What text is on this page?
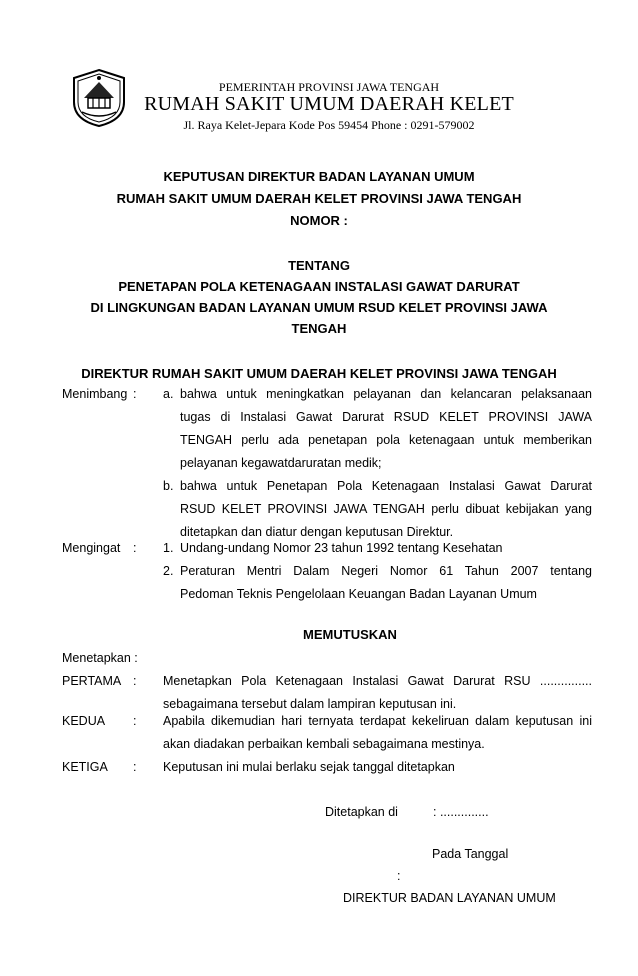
PEMERINTAH PROVINSI JAWA TENGAH
RUMAH SAKIT UMUM DAERAH KELET
Jl. Raya Kelet-Jepara Kode Pos 59454 Phone : 0291-579002
KEPUTUSAN DIREKTUR BADAN LAYANAN UMUM
RUMAH SAKIT UMUM DAERAH KELET PROVINSI JAWA TENGAH
NOMOR :
TENTANG
PENETAPAN POLA KETENAGAAN INSTALASI GAWAT DARURAT
DI LINGKUNGAN BADAN LAYANAN UMUM RSUD KELET PROVINSI JAWA
TENGAH
DIREKTUR RUMAH SAKIT UMUM DAERAH KELET PROVINSI JAWA TENGAH
Menimbang : a. bahwa untuk meningkatkan pelayanan dan kelancaran pelaksanaan
tugas di Instalasi Gawat Darurat RSUD KELET PROVINSI JAWA
TENGAH perlu ada penetapan pola ketenagaan untuk memberikan
pelayanan kegawatdaruratan medik;
b. bahwa untuk Penetapan Pola Ketenagaan Instalasi Gawat Darurat
RSUD KELET PROVINSI JAWA TENGAH perlu dibuat kebijakan yang
ditetapkan dan diatur dengan keputusan Direktur.
Mengingat : 1. Undang-undang Nomor 23 tahun 1992 tentang Kesehatan
2. Peraturan Mentri Dalam Negeri Nomor 61 Tahun 2007 tentang
Pedoman Teknis Pengelolaan Keuangan Badan Layanan Umum
MEMUTUSKAN
Menetapkan :
PERTAMA : Menetapkan Pola Ketenagaan Instalasi Gawat Darurat RSU ...............
sebagaimana tersebut dalam lampiran keputusan ini.
KEDUA : Apabila dikemudian hari ternyata terdapat kekeliruan dalam keputusan ini
akan diadakan perbaikan kembali sebagaimana mestinya.
KETIGA : Keputusan ini mulai berlaku sejak tanggal ditetapkan
Ditetapkan di	: ..............
Pada Tanggal
:
DIREKTUR BADAN LAYANAN UMUM
